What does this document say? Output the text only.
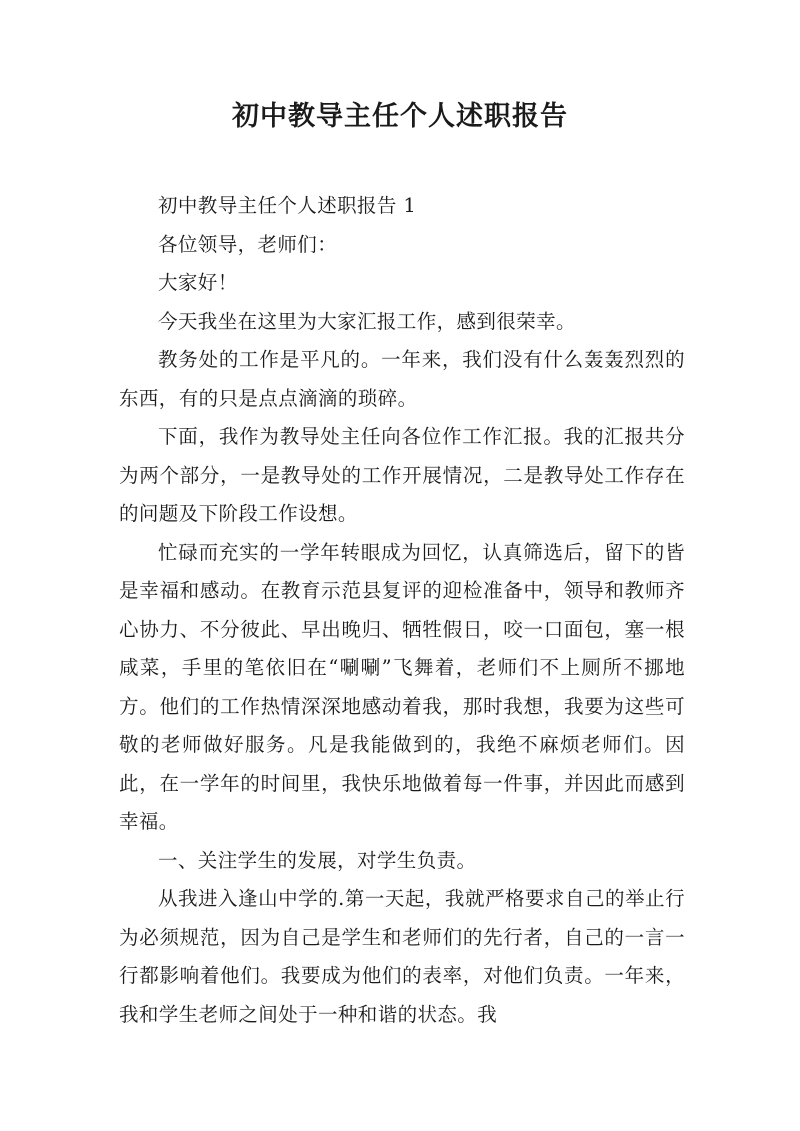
初中教导主任个人述职报告

初中教导主任个人述职报告 1

各位领导，老师们：

大家好！

今天我坐在这里为大家汇报工作，感到很荣幸。

教务处的工作是平凡的。一年来，我们没有什么轰轰烈烈的东西，有的只是点点滴滴的琐碎。

下面，我作为教导处主任向各位作工作汇报。我的汇报共分为两个部分，一是教导处的工作开展情况，二是教导处工作存在的问题及下阶段工作设想。

忙碌而充实的一学年转眼成为回忆，认真筛选后，留下的皆是幸福和感动。在教育示范县复评的迎检准备中，领导和教师齐心协力、不分彼此、早出晚归、牺牲假日，咬一口面包，塞一根咸菜，手里的笔依旧在“唰唰”飞舞着，老师们不上厕所不挪地方。他们的工作热情深深地感动着我，那时我想，我要为这些可敬的老师做好服务。凡是我能做到的，我绝不麻烦老师们。因此，在一学年的时间里，我快乐地做着每一件事，并因此而感到幸福。

一、关注学生的发展，对学生负责。

从我进入逢山中学的.第一天起，我就严格要求自己的举止行为必须规范，因为自己是学生和老师们的先行者，自己的一言一行都影响着他们。我要成为他们的表率，对他们负责。一年来，我和学生老师之间处于一种和谐的状态。我
